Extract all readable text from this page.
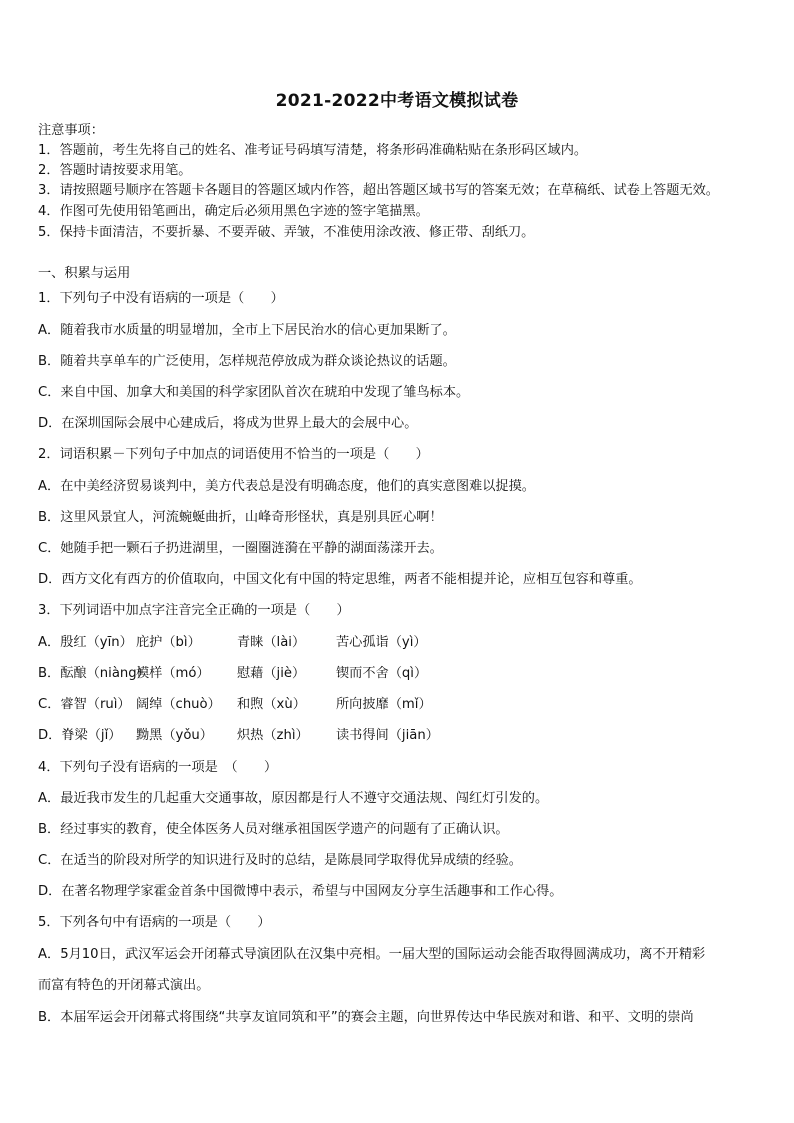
2021-2022中考语文模拟试卷
注意事项：
1．答题前，考生先将自己的姓名、准考证号码填写清楚，将条形码准确粘贴在条形码区域内。
2．答题时请按要求用笔。
3．请按照题号顺序在答题卡各题目的答题区域内作答，超出答题区域书写的答案无效；在草稿纸、试卷上答题无效。
4．作图可先使用铅笔画出，确定后必须用黑色字迹的签字笔描黑。
5．保持卡面清洁，不要折暴、不要弄破、弄皱，不准使用涂改液、修正带、刮纸刀。
一、积累与运用
1．下列句子中没有语病的一项是（　　）
A．随着我市水质量的明显增加，全市上下居民治水的信心更加果断了。
B．随着共享单车的广泛使用，怎样规范停放成为群众谈论热议的话题。
C．来自中国、加拿大和美国的科学家团队首次在琥珀中发现了雏鸟标本。
D．在深圳国际会展中心建成后，将成为世界上最大的会展中心。
2．词语积累－下列句子中加点的词语使用不恰当的一项是（　　）
A．在中美经济贸易谈判中，美方代表总是没有明确态度，他们的真实意图难以捉摸。
B．这里风景宜人，河流蜿蜒曲折，山峰奇形怪状，真是别具匠心啊！
C．她随手把一颗石子扔进湖里，一圈圈涟漪在平静的湖面荡漾开去。
D．西方文化有西方的价值取向，中国文化有中国的特定思维，两者不能相提并论，应相互包容和尊重。
3．下列词语中加点字注音完全正确的一项是（　　）
A．殷红（yīn） 庇护（bì）	青睐（lài） 苦心孤诣（yì）
B．酝酿（niàng）模样（mó） 慰藉（jiè） 锲而不舍（qì）
C．睿智（ruì） 阔绰（chuò） 和煦（xù） 所向披靡（mǐ）
D．脊梁（jǐ） 黝黑（yǒu） 炽热（zhì） 读书得间（jiān）
4．下列句子没有语病的一项是　（　　）
A．最近我市发生的几起重大交通事故，原因都是行人不遵守交通法规、闯红灯引发的。
B．经过事实的教育，使全体医务人员对继承祖国医学遗产的问题有了正确认识。
C．在适当的阶段对所学的知识进行及时的总结，是陈晨同学取得优异成绩的经验。
D．在著名物理学家霍金首条中国微博中表示，希望与中国网友分享生活趣事和工作心得。
5．下列各句中有语病的一项是（　　）
A．5月10日，武汉军运会开闭幕式导演团队在汉集中亮相。一届大型的国际运动会能否取得圆满成功，离不开精彩
而富有特色的开闭幕式演出。
B．本届军运会开闭幕式将围绕“共享友谊同筑和平”的赛会主题，向世界传达中华民族对和谐、和平、文明的崇尚
